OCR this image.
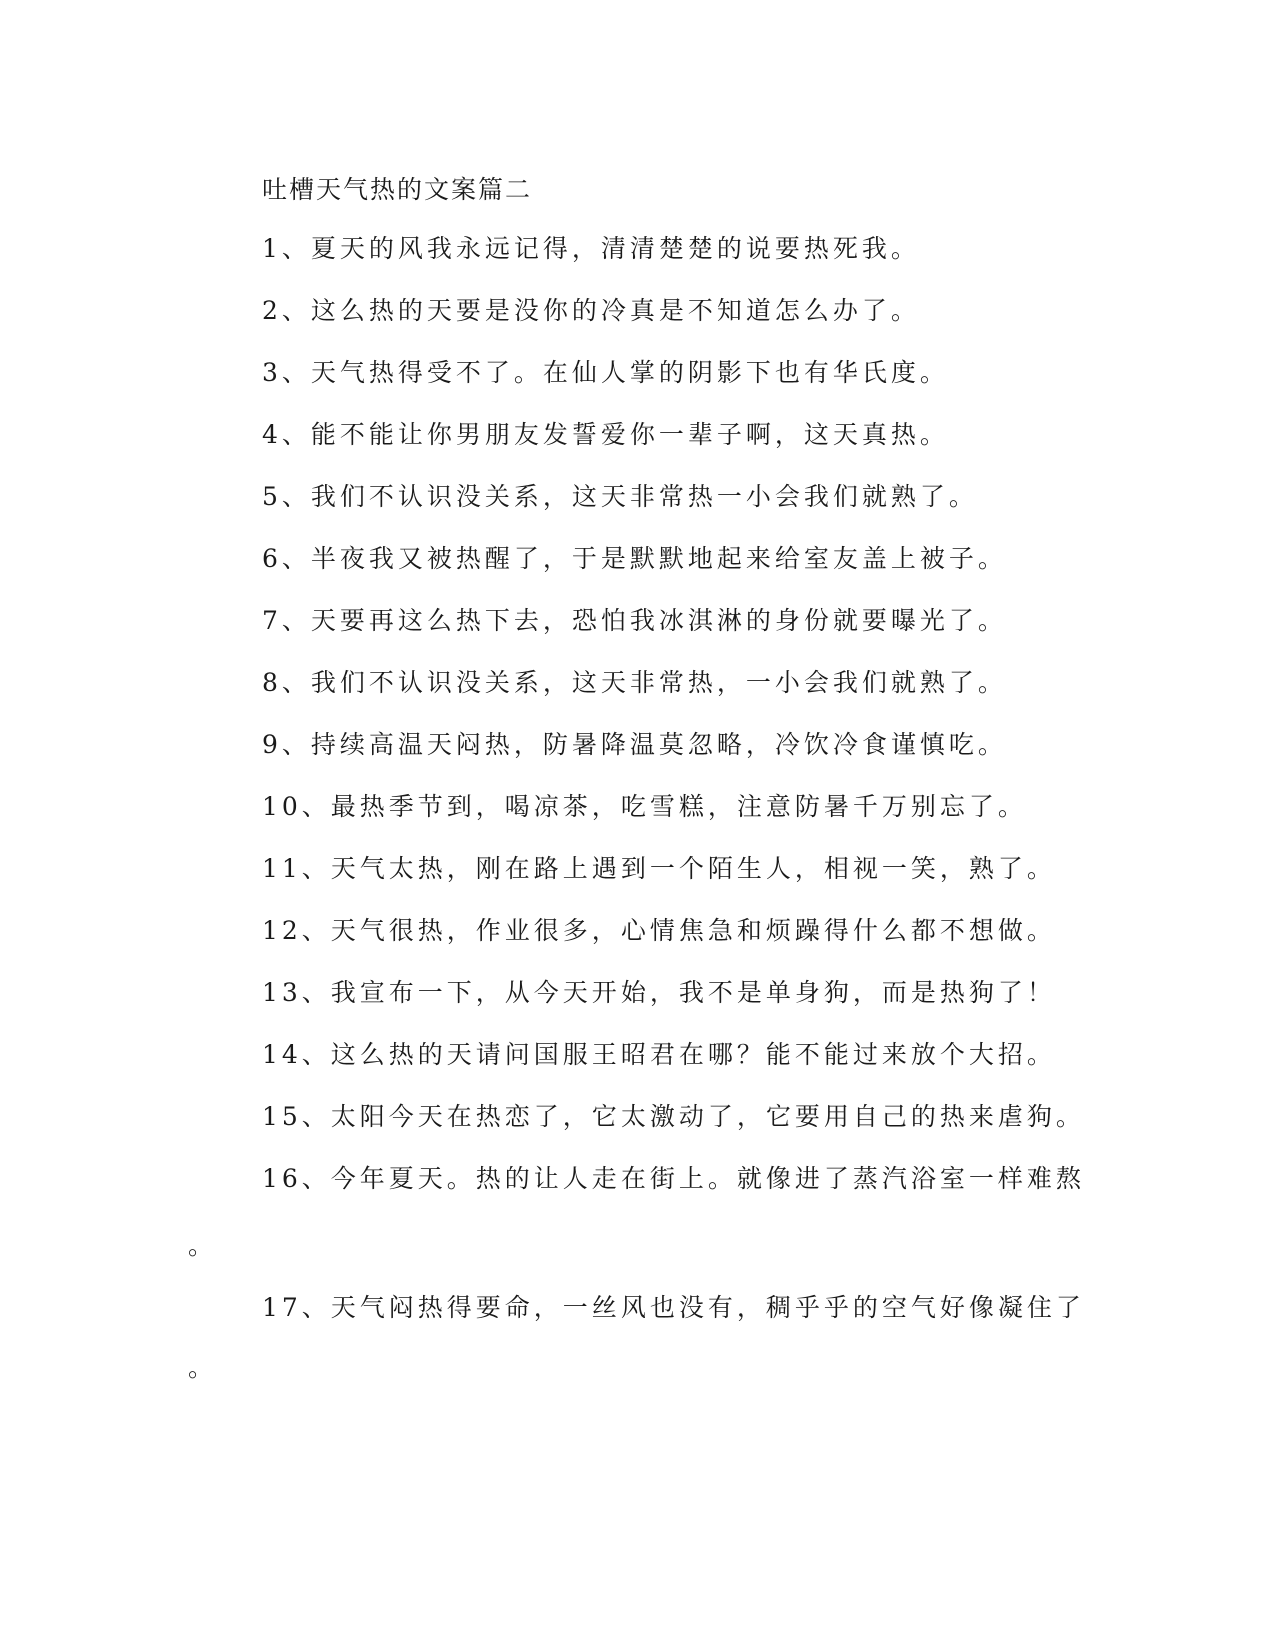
吐槽天气热的文案篇二
1、夏天的风我永远记得，清清楚楚的说要热死我。
2、这么热的天要是没你的冷真是不知道怎么办了。
3、天气热得受不了。在仙人掌的阴影下也有华氏度。
4、能不能让你男朋友发誓爱你一辈子啊，这天真热。
5、我们不认识没关系，这天非常热一小会我们就熟了。
6、半夜我又被热醒了，于是默默地起来给室友盖上被子。
7、天要再这么热下去，恐怕我冰淇淋的身份就要曝光了。
8、我们不认识没关系，这天非常热，一小会我们就熟了。
9、持续高温天闷热，防暑降温莫忽略，冷饮冷食谨慎吃。
10、最热季节到，喝凉茶，吃雪糕，注意防暑千万别忘了。
11、天气太热，刚在路上遇到一个陌生人，相视一笑，熟了。
12、天气很热，作业很多，心情焦急和烦躁得什么都不想做。
13、我宣布一下，从今天开始，我不是单身狗，而是热狗了！
14、这么热的天请问国服王昭君在哪？能不能过来放个大招。
15、太阳今天在热恋了，它太激动了，它要用自己的热来虐狗。
16、今年夏天。热的让人走在街上。就像进了蒸汽浴室一样难熬
。
17、天气闷热得要命，一丝风也没有，稠乎乎的空气好像凝住了
。
